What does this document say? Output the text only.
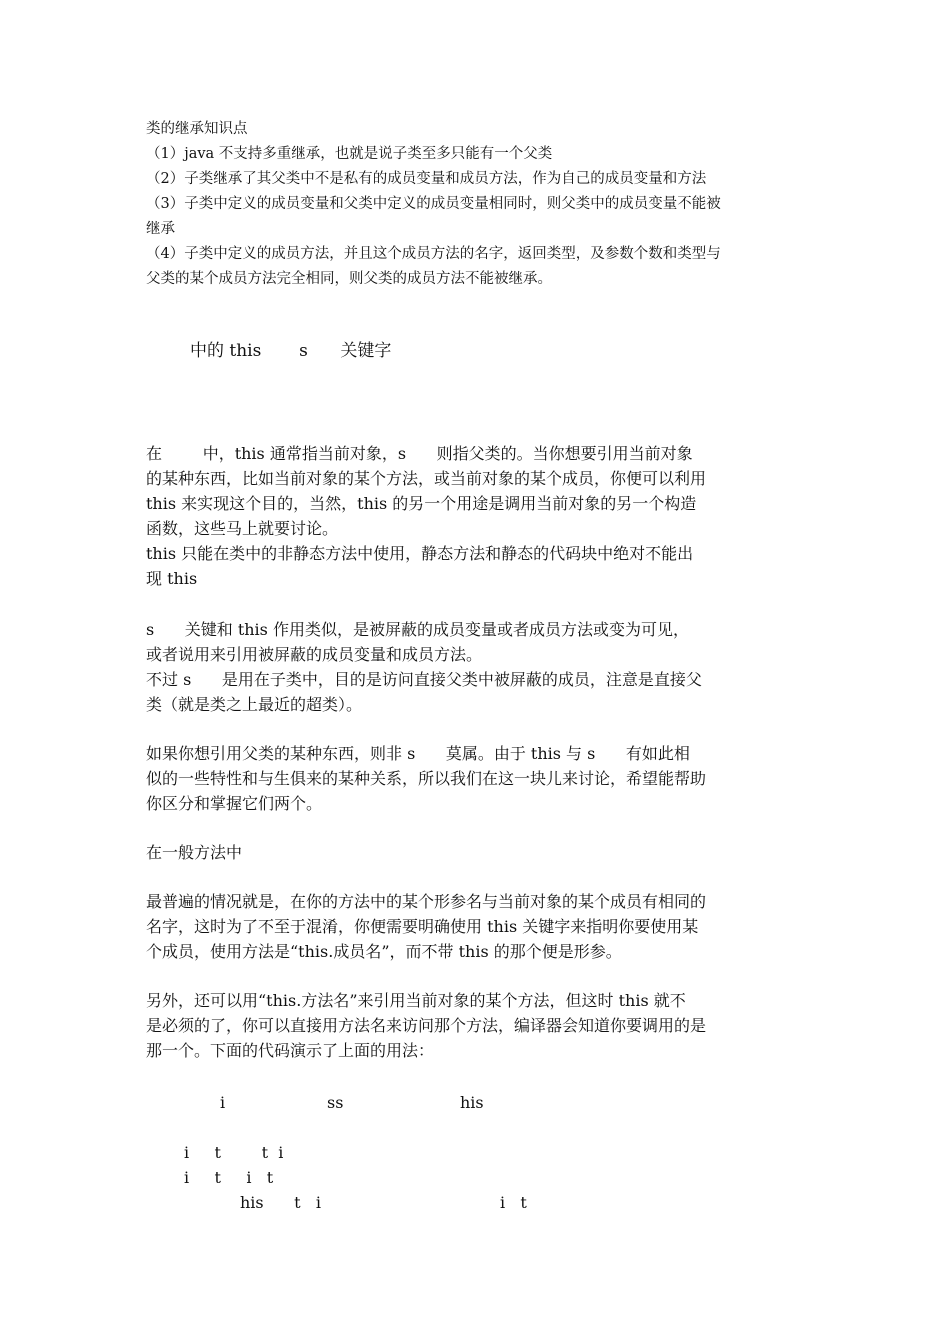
类的继承知识点
（1）java 不支持多重继承，也就是说子类至多只能有一个父类
（2）子类继承了其父类中不是私有的成员变量和成员方法，作为自己的成员变量和方法
（3）子类中定义的成员变量和父类中定义的成员变量相同时，则父类中的成员变量不能被
继承
（4）子类中定义的成员方法，并且这个成员方法的名字，返回类型，及参数个数和类型与
父类的某个成员方法完全相同，则父类的成员方法不能被继承。
中的 this       s      关键字
在        中，this 通常指当前对象，s      则指父类的。当你想要引用当前对象
的某种东西，比如当前对象的某个方法，或当前对象的某个成员，你便可以利用
this 来实现这个目的，当然，this 的另一个用途是调用当前对象的另一个构造
函数，这些马上就要讨论。
this 只能在类中的非静态方法中使用，静态方法和静态的代码块中绝对不能出
现 this
s      关键和 this 作用类似，是被屏蔽的成员变量或者成员方法或变为可见，
或者说用来引用被屏蔽的成员变量和成员方法。
不过 s      是用在子类中，目的是访问直接父类中被屏蔽的成员，注意是直接父
类（就是类之上最近的超类）。
如果你想引用父类的某种东西，则非 s      莫属。由于 this 与 s      有如此相
似的一些特性和与生俱来的某种关系，所以我们在这一块儿来讨论，希望能帮助
你区分和掌握它们两个。
在一般方法中
最普遍的情况就是，在你的方法中的某个形参名与当前对象的某个成员有相同的
名字，这时为了不至于混淆，你便需要明确使用 this 关键字来指明你要使用某
个成员，使用方法是“this.成员名”，而不带 this 的那个便是形参。
另外，还可以用“this.方法名”来引用当前对象的某个方法，但这时 this 就不
是必须的了，你可以直接用方法名来访问那个方法，编译器会知道你要调用的是
那一个。下面的代码演示了上面的用法：
i	ss	his
i     t        t  i
i     t     i   t
his      t   i	i   t
